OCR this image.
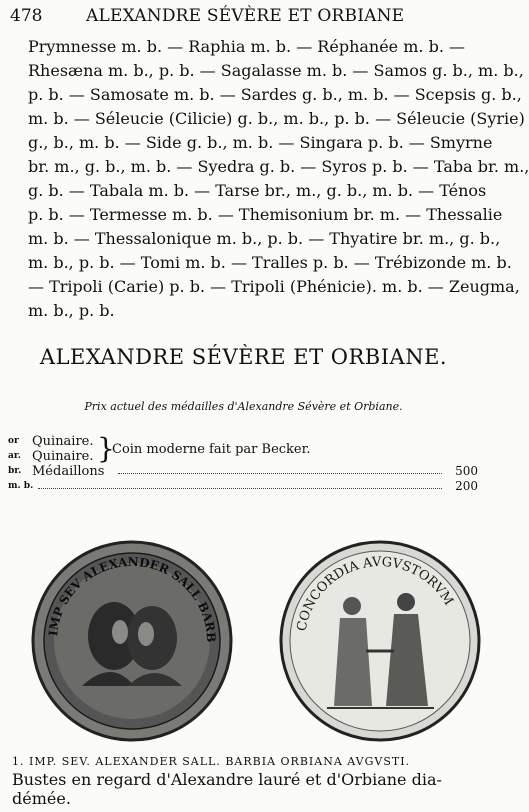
478	ALEXANDRE SÉVÈRE ET ORBIANE
Prymnesse m. b. — Raphia m. b. — Réphanée m. b. —
Rhesæna m. b., p. b. — Sagalasse m. b. — Samos g. b., m. b.,
p. b. — Samosate m. b. — Sardes g. b., m. b. — Scepsis g. b.,
m. b. — Séleucie (Cilicie) g. b., m. b., p. b. — Séleucie (Syrie)
g., b., m. b. — Side g. b., m. b. — Singara p. b. — Smyrne
br. m., g. b., m. b. — Syedra g. b. — Syros p. b. — Taba br. m.,
g. b. — Tabala m. b. — Tarse br., m., g. b., m. b. — Ténos
p. b. — Termesse m. b. — Themisonium br. m. — Thessalie
m. b. — Thessalonique m. b., p. b. — Thyatire br. m., g. b.,
m. b., p. b. — Tomi m. b. — Tralles p. b. — Trébizonde m. b.
— Tripoli (Carie) p. b. — Tripoli (Phénicie). m. b. — Zeugma,
m. b., p. b.
ALEXANDRE SÉVÈRE ET ORBIANE.
Prix actuel des médailles d'Alexandre Sévère et Orbiane.
or	Quinaire.
ar. Quinaire. }
Coin moderne fait par Becker.
br. Médaillons	500
m. b.	200
IMP SEV ALEXANDER SALL BARB
CONCORDIA AVGVSTORVM
1. IMP. SEV. ALEXANDER SALL. BARBIA ORBIANA AVGVSTI.
Bustes en regard d'Alexandre lauré et d'Orbiane dia-
démée.
